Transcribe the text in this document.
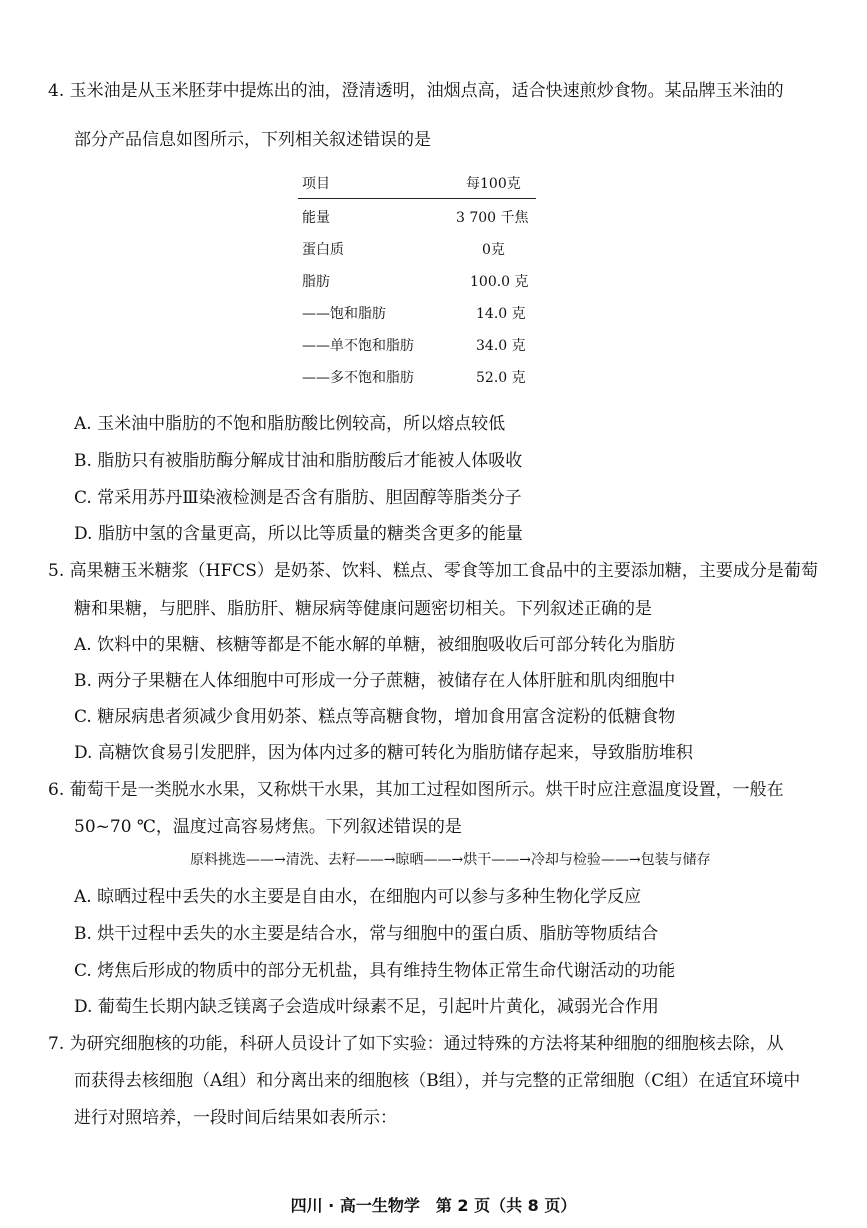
4. 玉米油是从玉米胚芽中提炼出的油，澄清透明，油烟点高，适合快速煎炒食物。某品牌玉米油的
部分产品信息如图所示，下列相关叙述错误的是
项目	每100克
能量	3 700 千焦
蛋白质	0克
脂肪	100.0 克
——饱和脂肪	14.0 克
——单不饱和脂肪	34.0 克
——多不饱和脂肪	52.0 克
A. 玉米油中脂肪的不饱和脂肪酸比例较高，所以熔点较低
B. 脂肪只有被脂肪酶分解成甘油和脂肪酸后才能被人体吸收
C. 常采用苏丹Ⅲ染液检测是否含有脂肪、胆固醇等脂类分子
D. 脂肪中氢的含量更高，所以比等质量的糖类含更多的能量
5. 高果糖玉米糖浆（HFCS）是奶茶、饮料、糕点、零食等加工食品中的主要添加糖，主要成分是葡萄
糖和果糖，与肥胖、脂肪肝、糖尿病等健康问题密切相关。下列叙述正确的是
A. 饮料中的果糖、核糖等都是不能水解的单糖，被细胞吸收后可部分转化为脂肪
B. 两分子果糖在人体细胞中可形成一分子蔗糖，被储存在人体肝脏和肌肉细胞中
C. 糖尿病患者须减少食用奶茶、糕点等高糖食物，增加食用富含淀粉的低糖食物
D. 高糖饮食易引发肥胖，因为体内过多的糖可转化为脂肪储存起来，导致脂肪堆积
6. 葡萄干是一类脱水水果，又称烘干水果，其加工过程如图所示。烘干时应注意温度设置，一般在
50~70 ℃，温度过高容易烤焦。下列叙述错误的是
原料挑选——→清洗、去籽——→晾晒——→烘干——→冷却与检验——→包装与储存
A. 晾晒过程中丢失的水主要是自由水，在细胞内可以参与多种生物化学反应
B. 烘干过程中丢失的水主要是结合水，常与细胞中的蛋白质、脂肪等物质结合
C. 烤焦后形成的物质中的部分无机盐，具有维持生物体正常生命代谢活动的功能
D. 葡萄生长期内缺乏镁离子会造成叶绿素不足，引起叶片黄化，减弱光合作用
7. 为研究细胞核的功能，科研人员设计了如下实验：通过特殊的方法将某种细胞的细胞核去除，从
而获得去核细胞（A组）和分离出来的细胞核（B组），并与完整的正常细胞（C组）在适宜环境中
进行对照培养，一段时间后结果如表所示：
四川 · 高一生物学　第 2 页（共 8 页）
